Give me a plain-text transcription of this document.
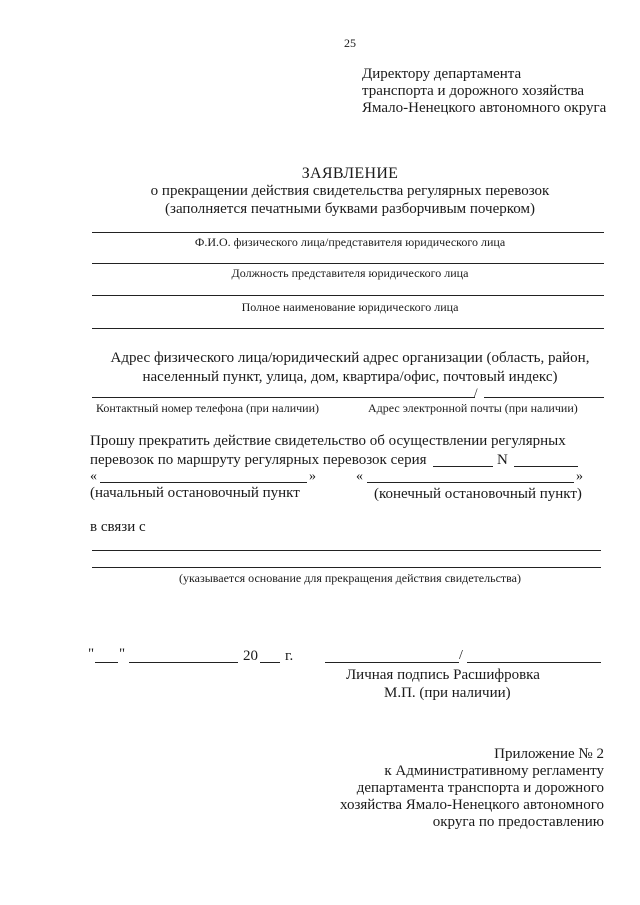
25
Директору департамента
транспорта и дорожного хозяйства
Ямало-Ненецкого автономного округа
ЗАЯВЛЕНИЕ
о прекращении действия свидетельства регулярных перевозок
(заполняется печатными буквами разборчивым почерком)
Ф.И.О. физического лица/представителя юридического лица
Должность представителя юридического лица
Полное наименование юридического лица
Адрес физического лица/юридический адрес организации (область, район,
населенный пункт, улица, дом, квартира/офис, почтовый индекс)
/
Контактный номер телефона (при наличии)	Адрес электронной почты (при наличии)
Прошу прекратить действие свидетельство об осуществлении регулярных
перевозок по маршруту регулярных перевозок серия	N
«	»	«	»
(начальный остановочный пункт	(конечный остановочный пункт)
в связи с
(указывается основание для прекращения действия свидетельства)
" "	20 г.	/
Личная подпись Расшифровка
М.П. (при наличии)
Приложение № 2
к Административному регламенту
департамента транспорта и дорожного
хозяйства Ямало-Ненецкого автономного
округа по предоставлению
